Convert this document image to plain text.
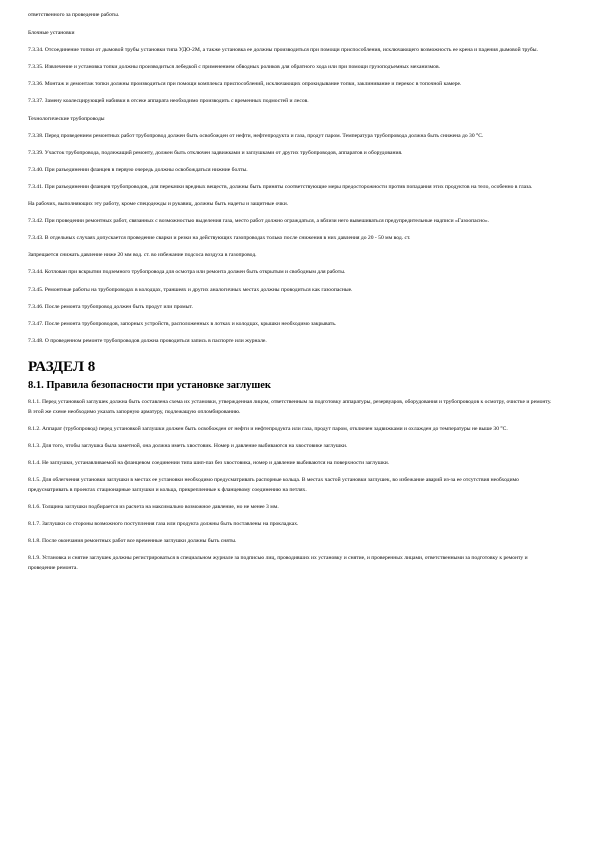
ответственного за проведение работы.

Блочные установки

7.3.34. Отсоединение топки от дымовой трубы установки типа УДО-2М, а также установка ее должны производиться при помощи приспособления, исключающего возможность ее крена и падения дымовой трубы.

7.3.35. Извлечение и установка топки должны производиться лебедкой с применением обводных роликов для обратного хода или при помощи грузоподъемных механизмов.

7.3.36. Монтаж и демонтаж топки должны производиться при помощи комплекса приспособлений, исключающих опрокидывание топки, заклинивание и перекос в топочной камере.

7.3.37. Замену коалесцирующей набивки в отсеке аппарата необходимо производить с временных подмостей и лесов.

Технологические трубопроводы

7.3.38. Перед проведением ремонтных работ трубопровод должен быть освобожден от нефти, нефтепродукта и газа, продут паром. Температура трубопровода должна быть снижена до 30 °С.

7.3.39. Участок трубопровода, подлежащий ремонту, должен быть отключен задвижками и заглушками от других трубопроводов, аппаратов и оборудования.

7.3.40. При разъединении фланцев в первую очередь должны освобождаться нижние болты.

7.3.41. При разъединении фланцев трубопроводов, для перекачки вредных веществ, должны быть приняты соответствующие меры предосторожности против попадания этих продуктов на тело, особенно в глаза.

На рабочих, выполняющих эту работу, кроме спецодежды и рукавиц, должны быть надеты и защитные очки.

7.3.42. При проведении ремонтных работ, связанных с возможностью выделения газа, место работ должно ограждаться, а вблизи него вывешиваться предупредительные надписи «Газоопасно».

7.3.43. В отдельных случаях допускается проведение сварки и резки на действующих газопроводах только после снижения в них давления до 20 - 50 мм вод. ст.

Запрещается снижать давление ниже 20 мм вод. ст. во избежание подсоса воздуха в газопровод.

7.3.44. Котлован при вскрытии подземного трубопровода для осмотра или ремонта должен быть открытым и свободным для работы.

7.3.45. Ремонтные работы на трубопроводах в колодцах, траншеях и других аналогичных местах должны проводиться как газоопасные.

7.3.46. После ремонта трубопровод должен быть продут или промыт.

7.3.47. После ремонта трубопроводов, запорных устройств, расположенных в лотках и колодцах, крышки необходимо закрывать.

7.3.48. О проведенном ремонте трубопроводов должна проводиться запись в паспорте или журнале.

РАЗДЕЛ 8
8.1. Правила безопасности при установке заглушек

8.1.1. Перед установкой заглушек должна быть составлена схема их установки, утвержденная лицом, ответственным за подготовку аппаратуры, резервуаров, оборудования и трубопроводов к осмотру, очистке и ремонту. В этой же схеме необходимо указать запорную арматуру, подлежащую опломбированию.

8.1.2. Аппарат (трубопровод) перед установкой заглушки должен быть освобожден от нефти и нефтепродукта или газа, продут паром, отключен задвижками и охлажден до температуры не выше 30 °С.

8.1.3. Для того, чтобы заглушка была заметной, она должна иметь хвостовик. Номер и давление выбиваются на хвостовике заглушки.

8.1.4. Не заглушки, устанавливаемой на фланцевом соединении типа шип-паз без хвостовика, номер и давление выбиваются на поверхности заглушки.

8.1.5. Для облегчения установки заглушки в местах ее установки необходимо предусматривать распорные кольца. В местах частой установки заглушек, во избежание аварий из-за ее отсутствия необходимо предусматривать в проектах стационарные заглушки и кольца, прикрепленные к фланцевому соединению на петлях.

8.1.6. Толщина заглушки подбирается из расчета на максимально возможное давление, но не менее 3 мм.

8.1.7. Заглушки со стороны возможного поступления газа или продукта должны быть поставлены на прокладках.

8.1.8. После окончания ремонтных работ все временные заглушки должны быть сняты.

8.1.9. Установка и снятие заглушек должны регистрироваться в специальном журнале за подписью лиц, проводивших их установку и снятие, и проверенных лицами, ответственными за подготовку к ремонту и проведение ремонта.
